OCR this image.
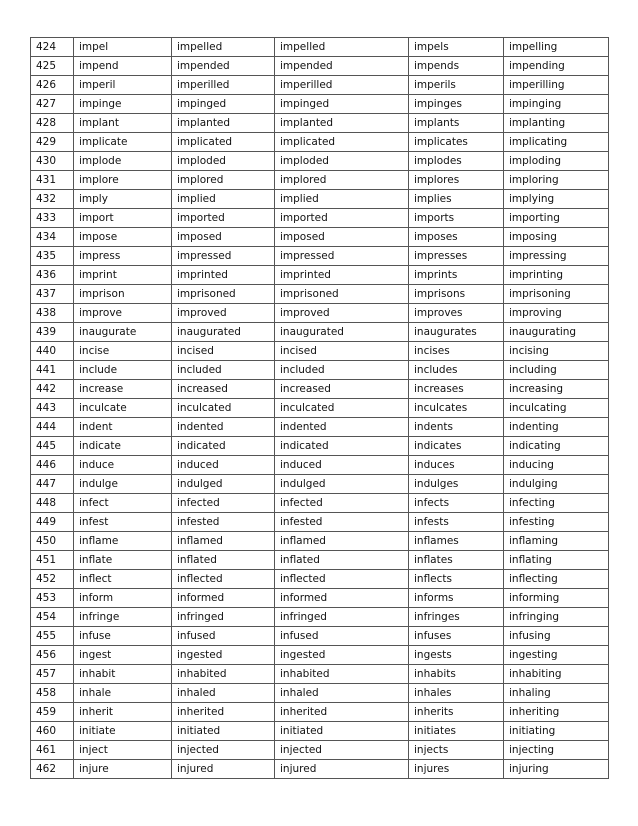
424	impel	impelled	impelled	impels	impelling
425	impend	impended	impended	impends	impending
426	imperil	imperilled	imperilled	imperils	imperilling
427	impinge	impinged	impinged	impinges	impinging
428	implant	implanted	implanted	implants	implanting
429	implicate	implicated	implicated	implicates	implicating
430	implode	imploded	imploded	implodes	imploding
431	implore	implored	implored	implores	imploring
432	imply	implied	implied	implies	implying
433	import	imported	imported	imports	importing
434	impose	imposed	imposed	imposes	imposing
435	impress	impressed	impressed	impresses	impressing
436	imprint	imprinted	imprinted	imprints	imprinting
437	imprison	imprisoned	imprisoned	imprisons	imprisoning
438	improve	improved	improved	improves	improving
439	inaugurate	inaugurated	inaugurated	inaugurates	inaugurating
440	incise	incised	incised	incises	incising
441	include	included	included	includes	including
442	increase	increased	increased	increases	increasing
443	inculcate	inculcated	inculcated	inculcates	inculcating
444	indent	indented	indented	indents	indenting
445	indicate	indicated	indicated	indicates	indicating
446	induce	induced	induced	induces	inducing
447	indulge	indulged	indulged	indulges	indulging
448	infect	infected	infected	infects	infecting
449	infest	infested	infested	infests	infesting
450	inflame	inflamed	inflamed	inflames	inflaming
451	inflate	inflated	inflated	inflates	inflating
452	inflect	inflected	inflected	inflects	inflecting
453	inform	informed	informed	informs	informing
454	infringe	infringed	infringed	infringes	infringing
455	infuse	infused	infused	infuses	infusing
456	ingest	ingested	ingested	ingests	ingesting
457	inhabit	inhabited	inhabited	inhabits	inhabiting
458	inhale	inhaled	inhaled	inhales	inhaling
459	inherit	inherited	inherited	inherits	inheriting
460	initiate	initiated	initiated	initiates	initiating
461	inject	injected	injected	injects	injecting
462	injure	injured	injured	injures	injuring
